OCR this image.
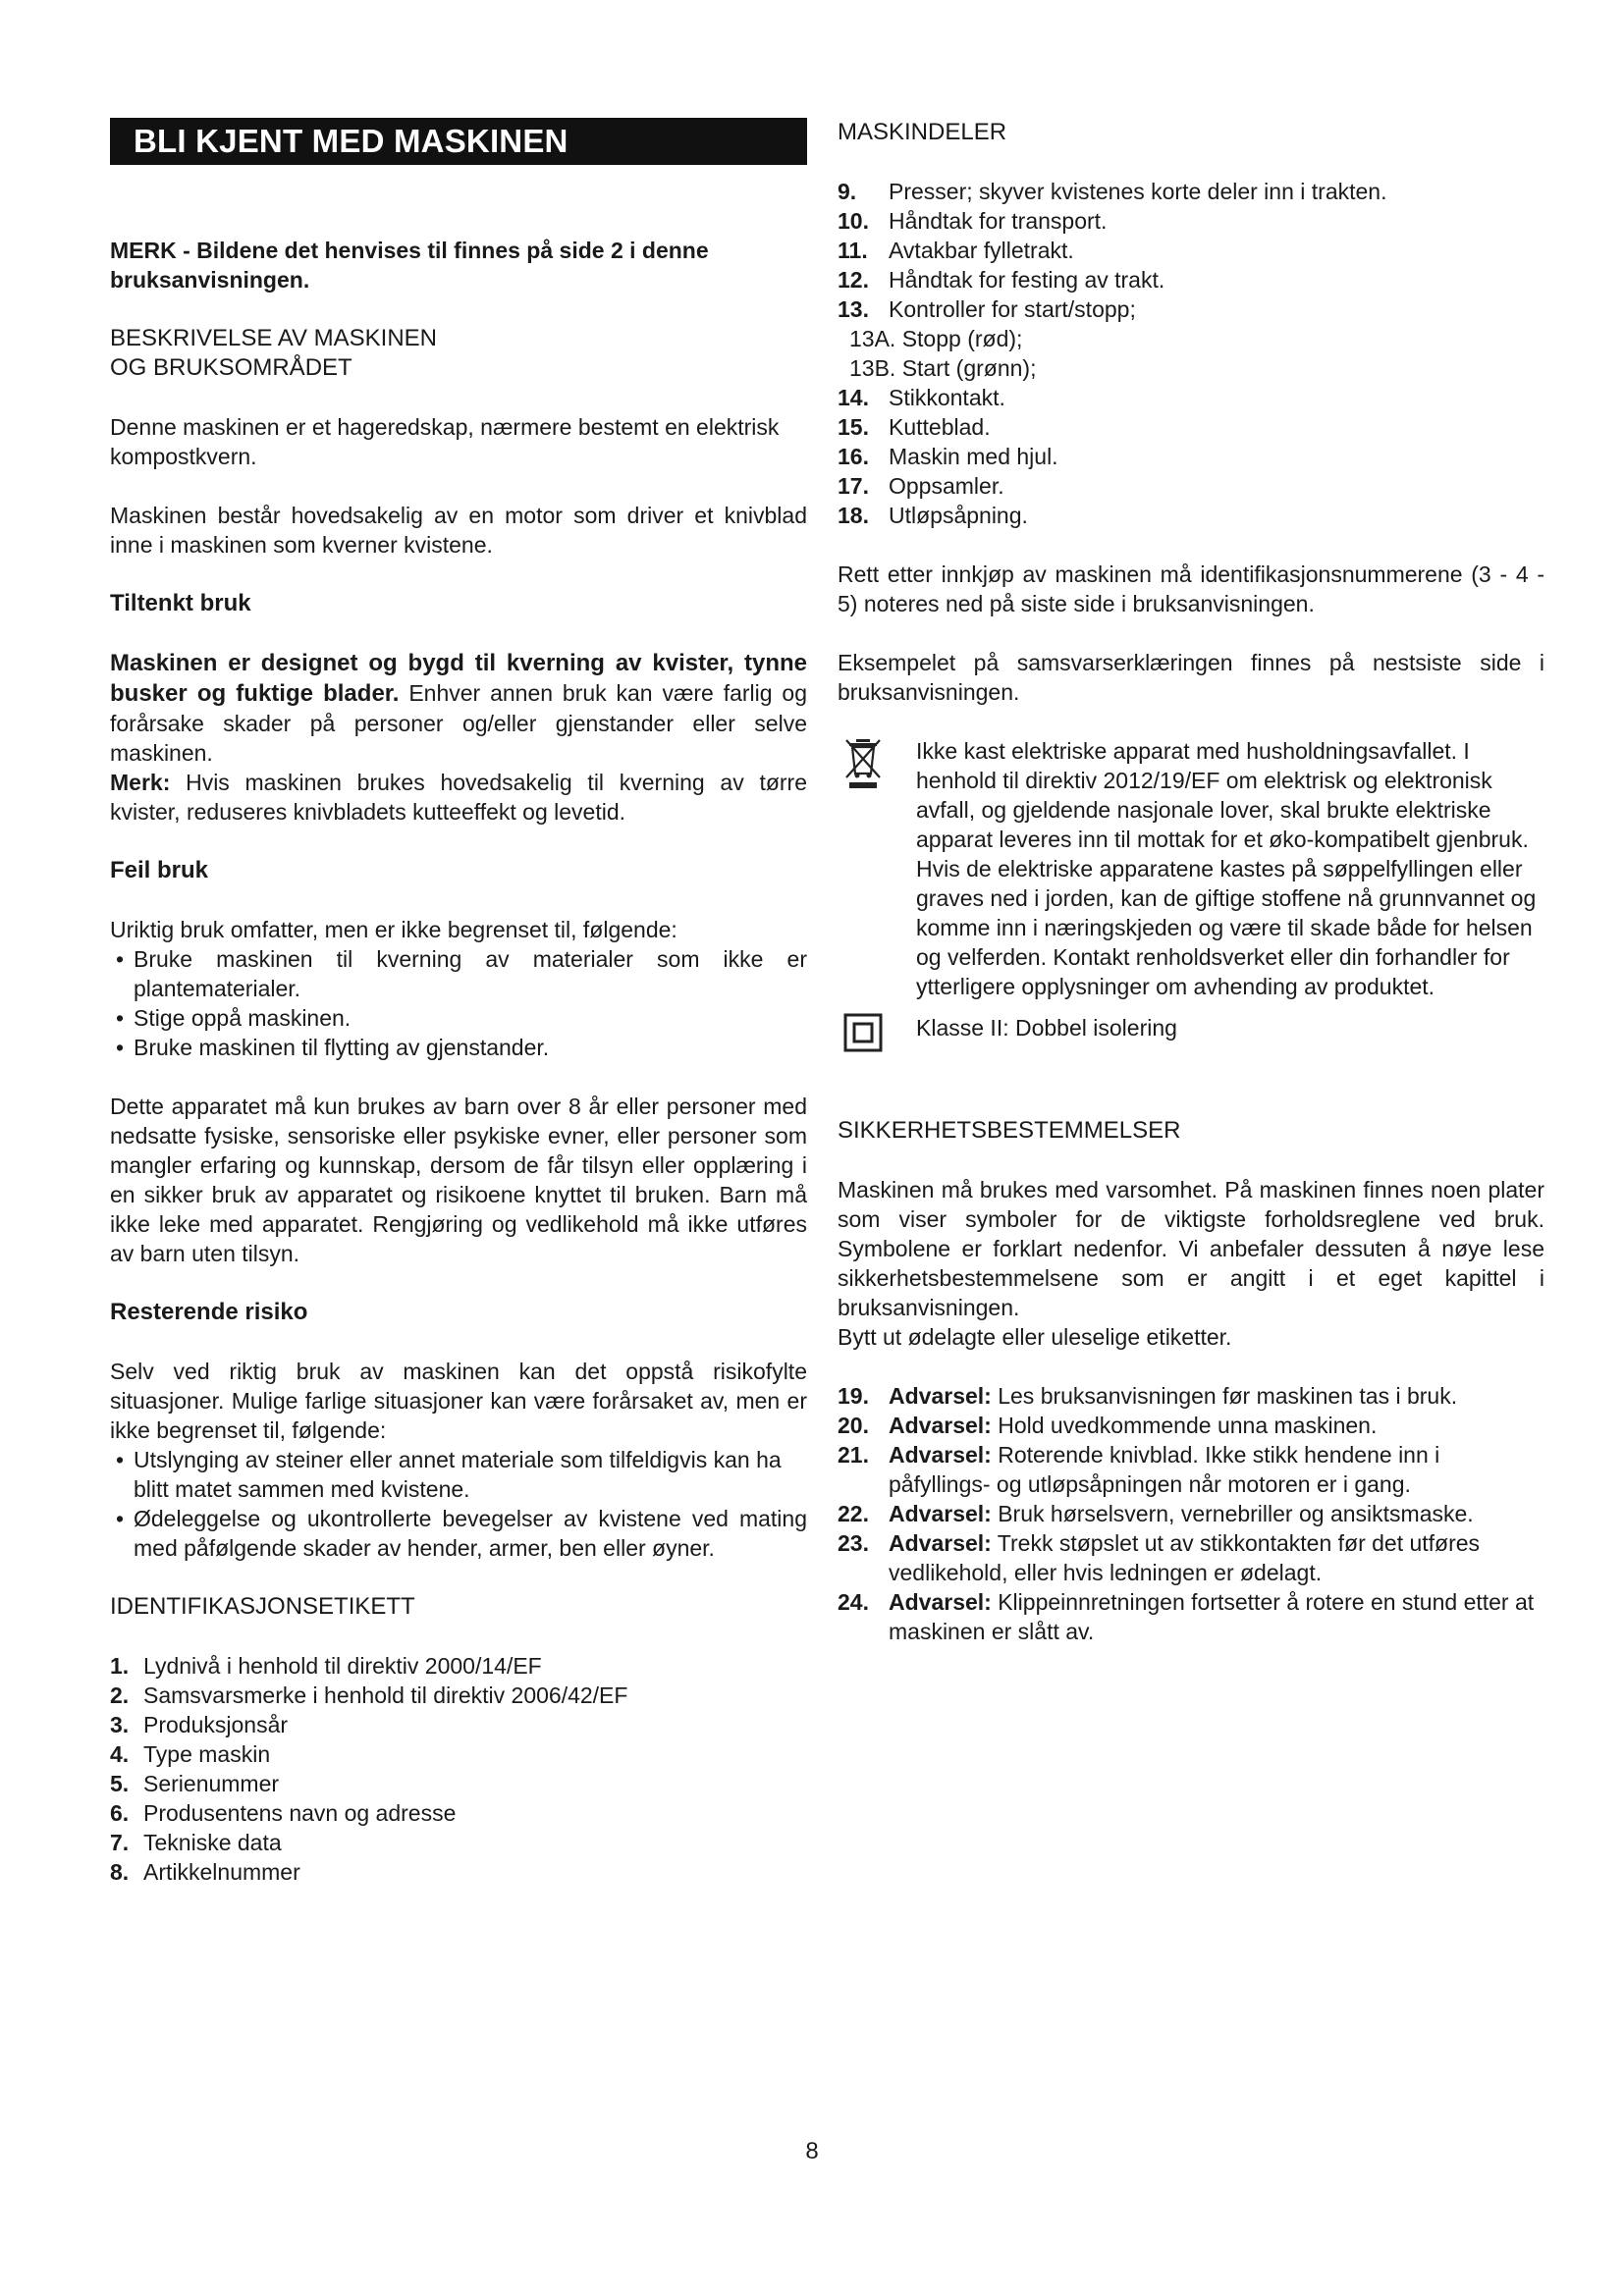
BLI KJENT MED MASKINEN

MERK - Bildene det henvises til finnes på side 2 i denne bruksanvisningen.

BESKRIVELSE AV MASKINEN

OG BRUKSOMRÅDET

Denne maskinen er et hageredskap, nærmere bestemt en elektrisk kompostkvern.

Maskinen består hovedsakelig av en motor som driver et knivblad inne i maskinen som kverner kvistene.

Tiltenkt bruk

Maskinen er designet og bygd til kverning av kvister, tynne busker og fuktige blader. Enhver annen bruk kan være farlig og forårsake skader på personer og/eller gjenstander eller selve maskinen.

Merk: Hvis maskinen brukes hovedsakelig til kverning av tørre kvister, reduseres knivbladets kutteeffekt og levetid.

Feil bruk

Uriktig bruk omfatter, men er ikke begrenset til, følgende:

• Bruke maskinen til kverning av materialer som ikke er plantematerialer.
• Stige oppå maskinen.
• Bruke maskinen til flytting av gjenstander.

Dette apparatet må kun brukes av barn over 8 år eller personer med nedsatte fysiske, sensoriske eller psykiske evner, eller personer som mangler erfaring og kunnskap, dersom de får tilsyn eller opplæring i en sikker bruk av apparatet og risikoene knyttet til bruken. Barn må ikke leke med apparatet. Rengjøring og vedlikehold må ikke utføres av barn uten tilsyn.

Resterende risiko

Selv ved riktig bruk av maskinen kan det oppstå risikofylte situasjoner. Mulige farlige situasjoner kan være forårsaket av, men er ikke begrenset til, følgende:

• Utslynging av steiner eller annet materiale som tilfeldigvis kan ha blitt matet sammen med kvistene.
• Ødeleggelse og ukontrollerte bevegelser av kvistene ved mating med påfølgende skader av hender, armer, ben eller øyner.

IDENTIFIKASJONSETIKETT

1. Lydnivå i henhold til direktiv 2000/14/EF
2. Samsvarsmerke i henhold til direktiv 2006/42/EF
3. Produksjonsår
4. Type maskin
5. Serienummer
6. Produsentens navn og adresse
7. Tekniske data
8. Artikkelnummer

MASKINDELER

9. Presser; skyver kvistenes korte deler inn i trakten.
10. Håndtak for transport.
11. Avtakbar fylletrakt.
12. Håndtak for festing av trakt.
13. Kontroller for start/stopp;
13A. Stopp (rød);
13B. Start (grønn);
14. Stikkontakt.
15. Kutteblad.
16. Maskin med hjul.
17. Oppsamler.
18. Utløpsåpning.

Rett etter innkjøp av maskinen må identifikasjonsnummerene (3 - 4 - 5) noteres ned på siste side i bruksanvisningen.

Eksempelet på samsvarserklæringen finnes på nestsiste side i bruksanvisningen.

Ikke kast elektriske apparat med husholdningsavfallet. I henhold til direktiv 2012/19/EF om elektrisk og elektronisk avfall, og gjeldende nasjonale lover, skal brukte elektriske apparat leveres inn til mottak for et øko-kompatibelt gjenbruk. Hvis de elektriske apparatene kastes på søppelfyllingen eller graves ned i jorden, kan de giftige stoffene nå grunnvannet og komme inn i næringskjeden og være til skade både for helsen og velferden. Kontakt renholdsverket eller din forhandler for ytterligere opplysninger om avhending av produktet.

Klasse II: Dobbel isolering

SIKKERHETSBESTEMMELSER

Maskinen må brukes med varsomhet. På maskinen finnes noen plater som viser symboler for de viktigste forholdsreglene ved bruk. Symbolene er forklart nedenfor. Vi anbefaler dessuten å nøye lese sikkerhetsbestemmelsene som er angitt i et eget kapittel i bruksanvisningen.

Bytt ut ødelagte eller uleselige etiketter.

19. Advarsel: Les bruksanvisningen før maskinen tas i bruk.
20. Advarsel: Hold uvedkommende unna maskinen.
21. Advarsel: Roterende knivblad. Ikke stikk hendene inn i påfyllings- og utløpsåpningen når motoren er i gang.
22. Advarsel: Bruk hørselsvern, vernebriller og ansiktsmaske.
23. Advarsel: Trekk støpslet ut av stikkontakten før det utføres vedlikehold, eller hvis ledningen er ødelagt.
24. Advarsel: Klippeinnretningen fortsetter å rotere en stund etter at maskinen er slått av.
8
